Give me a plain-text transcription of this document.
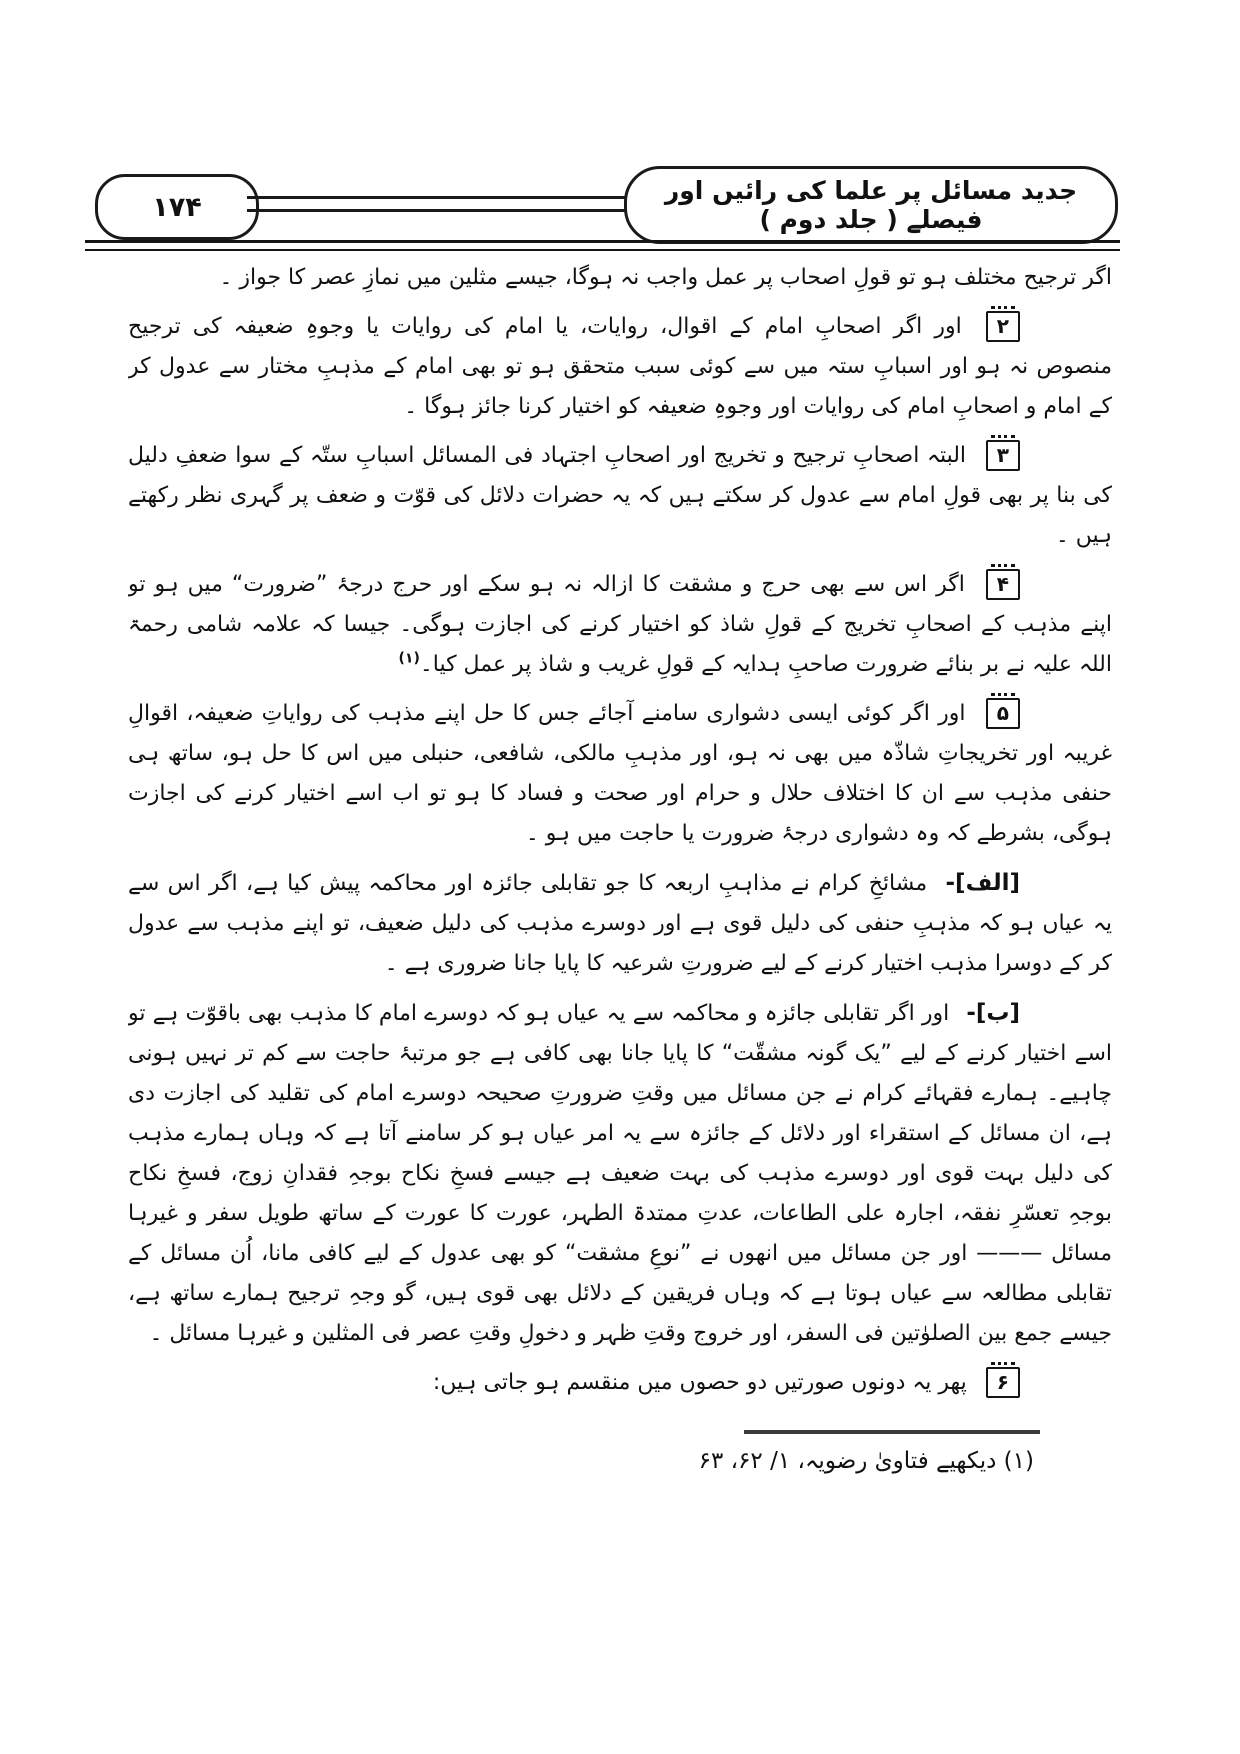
۱۷۴
جدید مسائل پر علما کی رائیں اور فیصلے ( جلد دوم )

اگر ترجیح مختلف ہو تو قولِ اصحاب پر عمل واجب نہ ہوگا، جیسے مثلین میں نمازِ عصر کا جواز ۔

۲ اور اگر اصحابِ امام کے اقوال، روایات، یا امام کی روایات یا وجوہِ ضعیفہ کی ترجیح منصوص نہ ہو اور اسبابِ ستہ میں سے کوئی سبب متحقق ہو تو بھی امام کے مذہبِ مختار سے عدول کر کے امام و اصحابِ امام کی روایات اور وجوہِ ضعیفہ کو اختیار کرنا جائز ہوگا ۔

۳ البتہ اصحابِ ترجیح و تخریج اور اصحابِ اجتہاد فی المسائل اسبابِ ستّہ کے سوا ضعفِ دلیل کی بنا پر بھی قولِ امام سے عدول کر سکتے ہیں کہ یہ حضرات دلائل کی قوّت و ضعف پر گہری نظر رکھتے ہیں ۔

۴ اگر اس سے بھی حرج و مشقت کا ازالہ نہ ہو سکے اور حرج درجۂ ”ضرورت“ میں ہو تو اپنے مذہب کے اصحابِ تخریج کے قولِ شاذ کو اختیار کرنے کی اجازت ہوگی۔ جیسا کہ علامہ شامی رحمۃ اللہ علیہ نے بر بنائے ضرورت صاحبِ ہدایہ کے قولِ غریب و شاذ پر عمل کیا۔$^{(۱)}$

۵ اور اگر کوئی ایسی دشواری سامنے آجائے جس کا حل اپنے مذہب کی روایاتِ ضعیفہ، اقوالِ غریبہ اور تخریجاتِ شاذّہ میں بھی نہ ہو، اور مذہبِ مالکی، شافعی، حنبلی میں اس کا حل ہو، ساتھ ہی حنفی مذہب سے ان کا اختلاف حلال و حرام اور صحت و فساد کا ہو تو اب اسے اختیار کرنے کی اجازت ہوگی، بشرطے کہ وہ دشواری درجۂ ضرورت یا حاجت میں ہو ۔

[الف]- مشائخِ کرام نے مذاہبِ اربعہ کا جو تقابلی جائزہ اور محاکمہ پیش کیا ہے، اگر اس سے یہ عیاں ہو کہ مذہبِ حنفی کی دلیل قوی ہے اور دوسرے مذہب کی دلیل ضعیف، تو اپنے مذہب سے عدول کر کے دوسرا مذہب اختیار کرنے کے لیے ضرورتِ شرعیہ کا پایا جانا ضروری ہے ۔

[ب]- اور اگر تقابلی جائزہ و محاکمہ سے یہ عیاں ہو کہ دوسرے امام کا مذہب بھی باقوّت ہے تو اسے اختیار کرنے کے لیے ”یک گونہ مشقّت“ کا پایا جانا بھی کافی ہے جو مرتبۂ حاجت سے کم تر نہیں ہونی چاہیے۔ ہمارے فقہائے کرام نے جن مسائل میں وقتِ ضرورتِ صحیحہ دوسرے امام کی تقلید کی اجازت دی ہے، ان مسائل کے استقراء اور دلائل کے جائزہ سے یہ امر عیاں ہو کر سامنے آتا ہے کہ وہاں ہمارے مذہب کی دلیل بہت قوی اور دوسرے مذہب کی بہت ضعیف ہے جیسے فسخِ نکاح بوجہِ فقدانِ زوج، فسخِ نکاح بوجہِ تعسّرِ نفقہ، اجارہ علی الطاعات، عدتِ ممتدۃ الطہر، عورت کا عورت کے ساتھ طویل سفر و غیرہا مسائل ——— اور جن مسائل میں انھوں نے ”نوعِ مشقت“ کو بھی عدول کے لیے کافی مانا، اُن مسائل کے تقابلی مطالعہ سے عیاں ہوتا ہے کہ وہاں فریقین کے دلائل بھی قوی ہیں، گو وجہِ ترجیح ہمارے ساتھ ہے، جیسے جمع بین الصلوٰتین فی السفر، اور خروج وقتِ ظہر و دخولِ وقتِ عصر فی المثلین و غیرہا مسائل ۔

۶ پھر یہ دونوں صورتیں دو حصوں میں منقسم ہو جاتی ہیں:

(۱) دیکھیے فتاویٰ رضویہ، ۱/ ۶۲، ۶۳
